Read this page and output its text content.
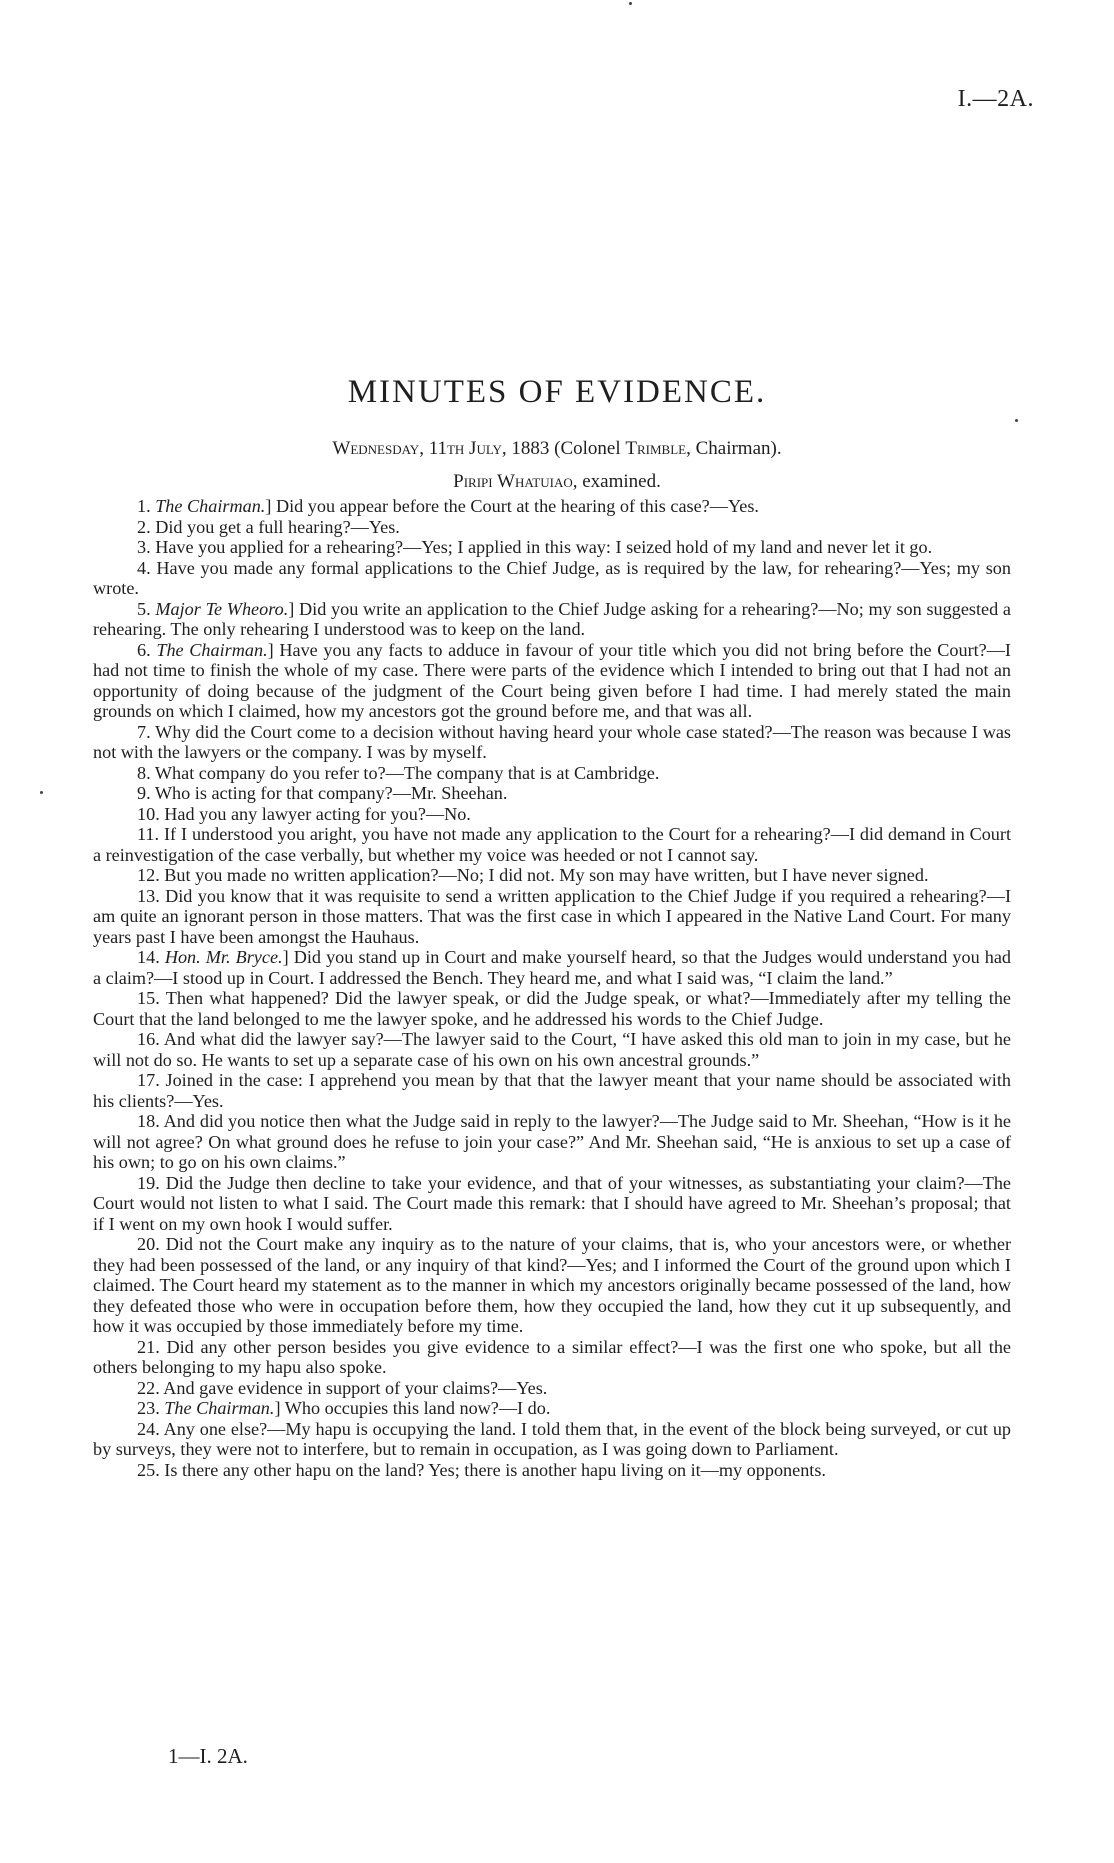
I.—2A.
MINUTES OF EVIDENCE.
Wednesday, 11th July, 1883 (Colonel Trimble, Chairman).
Piripi Whatuiao, examined.

1. The Chairman.] Did you appear before the Court at the hearing of this case?—Yes.

2. Did you get a full hearing?—Yes.

3. Have you applied for a rehearing?—Yes; I applied in this way: I seized hold of my land and never let it go.

4. Have you made any formal applications to the Chief Judge, as is required by the law, for rehearing?—Yes; my son wrote.

5. Major Te Wheoro.] Did you write an application to the Chief Judge asking for a rehearing?—No; my son suggested a rehearing. The only rehearing I understood was to keep on the land.

6. The Chairman.] Have you any facts to adduce in favour of your title which you did not bring before the Court?—I had not time to finish the whole of my case. There were parts of the evidence which I intended to bring out that I had not an opportunity of doing because of the judgment of the Court being given before I had time. I had merely stated the main grounds on which I claimed, how my ancestors got the ground before me, and that was all.

7. Why did the Court come to a decision without having heard your whole case stated?—The reason was because I was not with the lawyers or the company. I was by myself.

8. What company do you refer to?—The company that is at Cambridge.

9. Who is acting for that company?—Mr. Sheehan.

10. Had you any lawyer acting for you?—No.

11. If I understood you aright, you have not made any application to the Court for a rehearing?—I did demand in Court a reinvestigation of the case verbally, but whether my voice was heeded or not I cannot say.

12. But you made no written application?—No; I did not. My son may have written, but I have never signed.

13. Did you know that it was requisite to send a written application to the Chief Judge if you required a rehearing?—I am quite an ignorant person in those matters. That was the first case in which I appeared in the Native Land Court. For many years past I have been amongst the Hauhaus.

14. Hon. Mr. Bryce.] Did you stand up in Court and make yourself heard, so that the Judges would understand you had a claim?—I stood up in Court. I addressed the Bench. They heard me, and what I said was, “I claim the land.”

15. Then what happened? Did the lawyer speak, or did the Judge speak, or what?—Immediately after my telling the Court that the land belonged to me the lawyer spoke, and he addressed his words to the Chief Judge.

16. And what did the lawyer say?—The lawyer said to the Court, “I have asked this old man to join in my case, but he will not do so. He wants to set up a separate case of his own on his own ancestral grounds.”

17. Joined in the case: I apprehend you mean by that that the lawyer meant that your name should be associated with his clients?—Yes.

18. And did you notice then what the Judge said in reply to the lawyer?—The Judge said to Mr. Sheehan, “How is it he will not agree? On what ground does he refuse to join your case?” And Mr. Sheehan said, “He is anxious to set up a case of his own; to go on his own claims.”

19. Did the Judge then decline to take your evidence, and that of your witnesses, as substantiating your claim?—The Court would not listen to what I said. The Court made this remark: that I should have agreed to Mr. Sheehan’s proposal; that if I went on my own hook I would suffer.

20. Did not the Court make any inquiry as to the nature of your claims, that is, who your ancestors were, or whether they had been possessed of the land, or any inquiry of that kind?—Yes; and I informed the Court of the ground upon which I claimed. The Court heard my statement as to the manner in which my ancestors originally became possessed of the land, how they defeated those who were in occupation before them, how they occupied the land, how they cut it up subsequently, and how it was occupied by those immediately before my time.

21. Did any other person besides you give evidence to a similar effect?—I was the first one who spoke, but all the others belonging to my hapu also spoke.

22. And gave evidence in support of your claims?—Yes.

23. The Chairman.] Who occupies this land now?—I do.

24. Any one else?—My hapu is occupying the land. I told them that, in the event of the block being surveyed, or cut up by surveys, they were not to interfere, but to remain in occupation, as I was going down to Parliament.

25. Is there any other hapu on the land? Yes; there is another hapu living on it—my opponents.

1—I. 2A.
